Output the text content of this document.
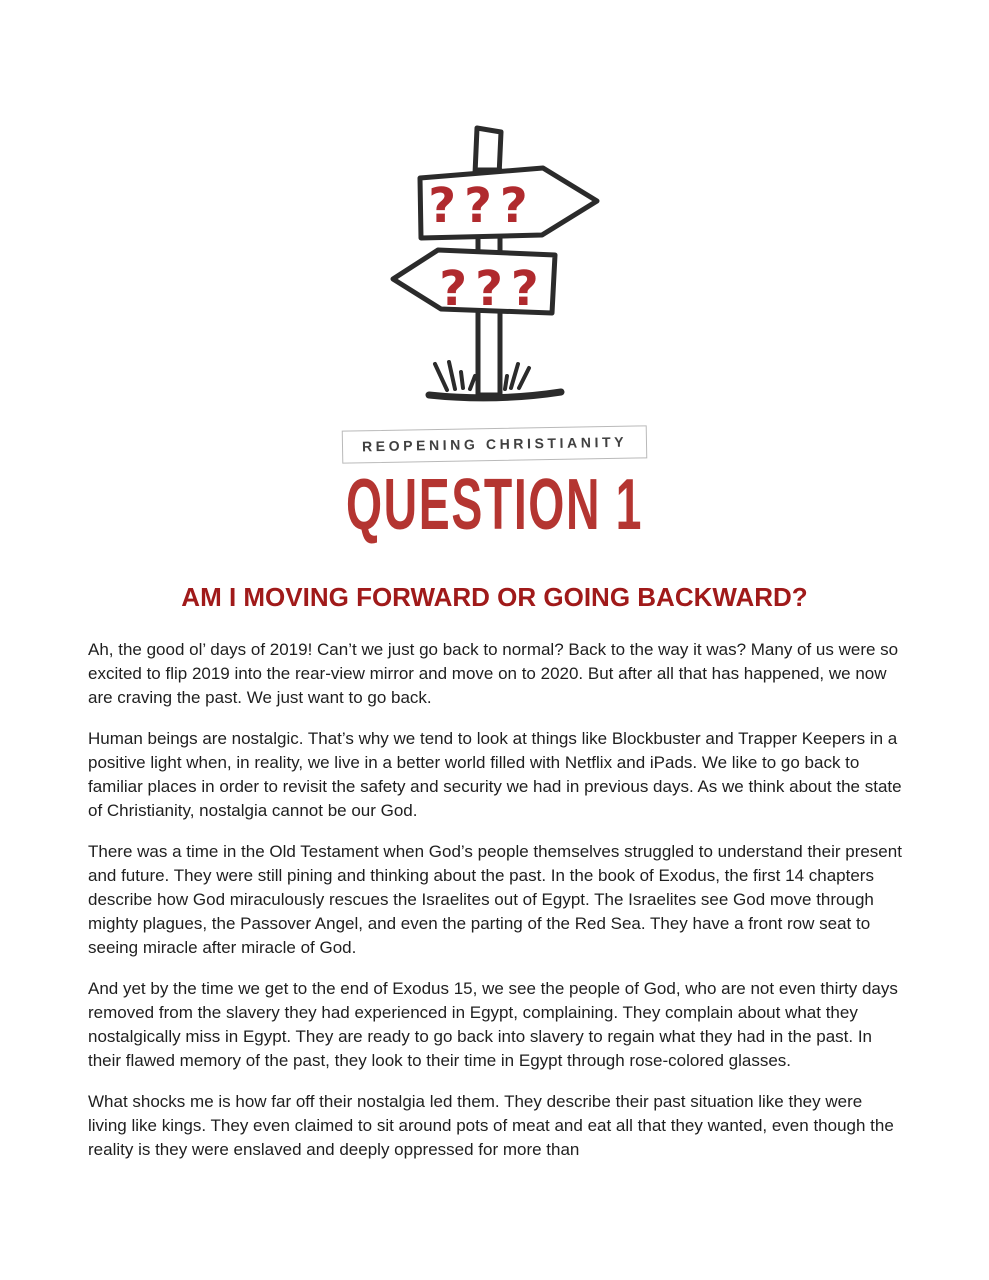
???
???
REOPENING CHRISTIANITY
QUESTION 1
AM I MOVING FORWARD OR GOING BACKWARD?

Ah, the good ol’ days of 2019! Can’t we just go back to normal? Back to the way it was? Many of us were so excited to flip 2019 into the rear-view mirror and move on to 2020. But after all that has happened, we now are craving the past. We just want to go back.

Human beings are nostalgic. That’s why we tend to look at things like Blockbuster and Trapper Keepers in a positive light when, in reality, we live in a better world filled with Netflix and iPads. We like to go back to familiar places in order to revisit the safety and security we had in previous days. As we think about the state of Christianity, nostalgia cannot be our God.

There was a time in the Old Testament when God’s people themselves struggled to understand their present and future. They were still pining and thinking about the past. In the book of Exodus, the first 14 chapters describe how God miraculously rescues the Israelites out of Egypt. The Israelites see God move through mighty plagues, the Passover Angel, and even the parting of the Red Sea. They have a front row seat to seeing miracle after miracle of God.

And yet by the time we get to the end of Exodus 15, we see the people of God, who are not even thirty days removed from the slavery they had experienced in Egypt, complaining. They complain about what they nostalgically miss in Egypt. They are ready to go back into slavery to regain what they had in the past. In their flawed memory of the past, they look to their time in Egypt through rose-colored glasses.

What shocks me is how far off their nostalgia led them. They describe their past situation like they were living like kings. They even claimed to sit around pots of meat and eat all that they wanted, even though the reality is they were enslaved and deeply oppressed for more than
